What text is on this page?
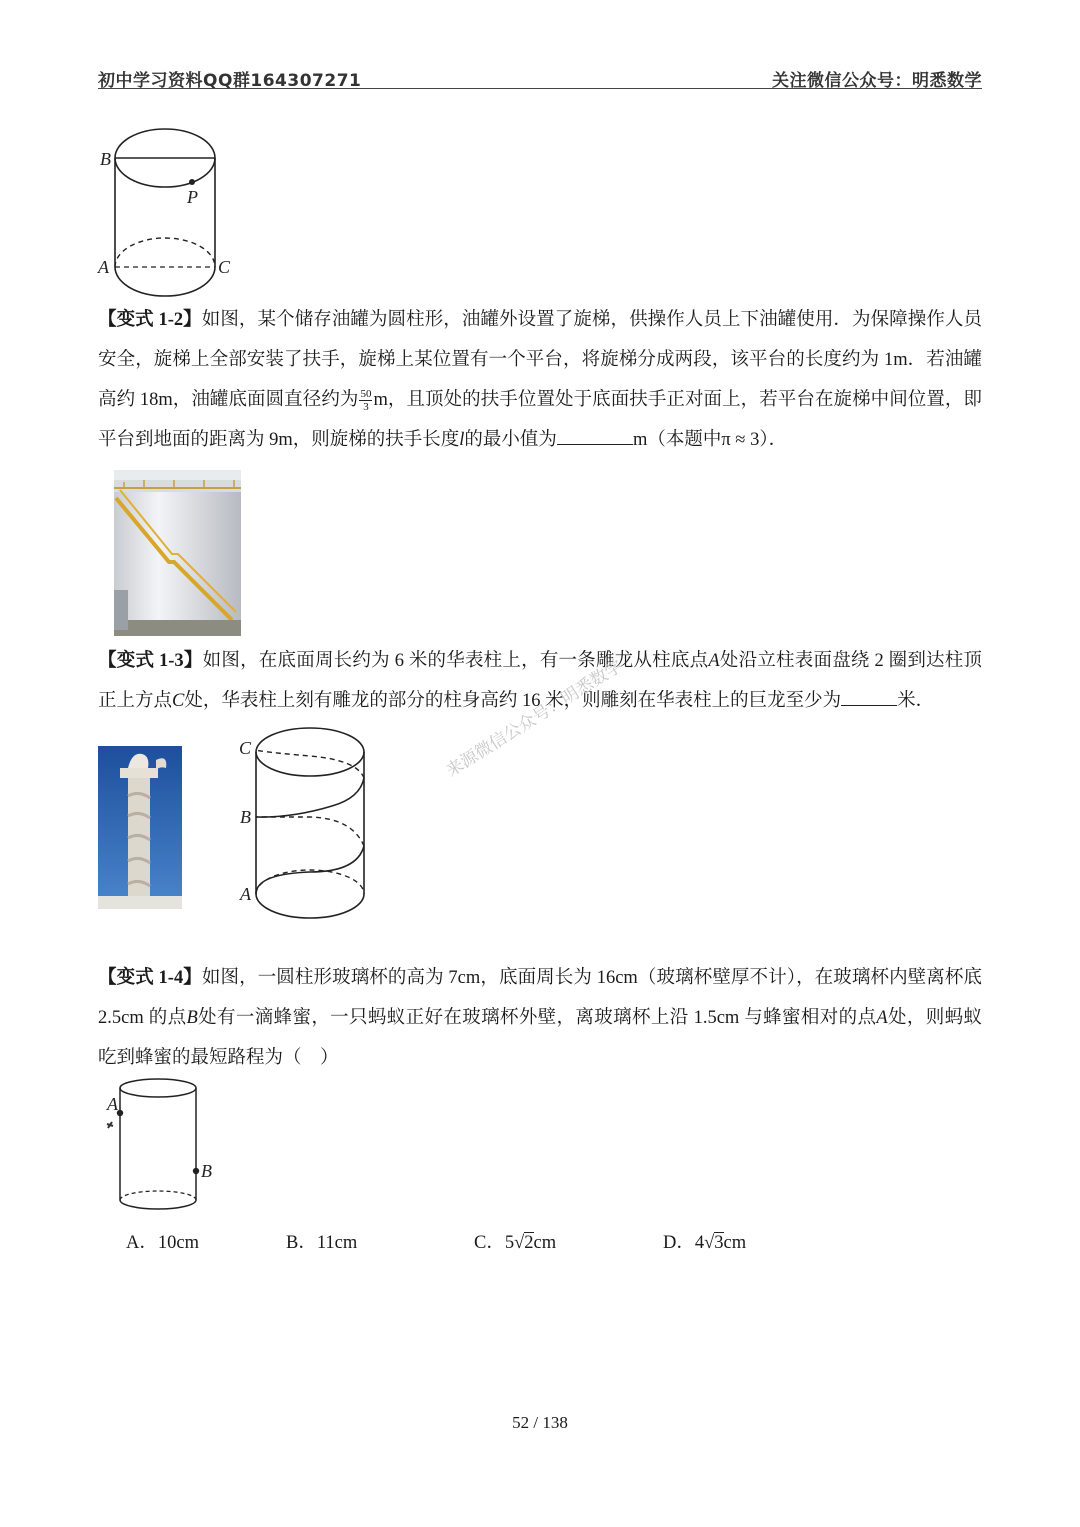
初中学习资料QQ群164307271	关注微信公众号：明悉数学
B
P
A	C
【变式 1-2】如图，某个储存油罐为圆柱形，油罐外设置了旋梯，供操作人员上下油罐使用．为保障操作人员安全，旋梯上全部安装了扶手，旋梯上某位置有一个平台，将旋梯分成两段，该平台的长度约为 1m．若油罐高约 18m，油罐底面圆直径约为 $\frac{50}{3}$ m，且顶处的扶手位置处于底面扶手正对面上，若平台在旋梯中间位置，即平台到地面的距离为 9m，则旋梯的扶手长度l的最小值为	m（本题中π ≈ 3）．
【变式 1-3】如图，在底面周长约为 6 米的华表柱上，有一条雕龙从柱底点A处沿立柱表面盘绕 2 圈到达柱顶正上方点C处，华表柱上刻有雕龙的部分的柱身高约 16 米，则雕刻在华表柱上的巨龙至少为	米．
C
B
A
来源微信公众号：明悉数学
【变式 1-4】如图，一圆柱形玻璃杯的高为 7cm，底面周长为 16cm（玻璃杯壁厚不计），在玻璃杯内壁离杯底 2.5cm 的点B处有一滴蜂蜜，一只蚂蚁正好在玻璃杯外壁，离玻璃杯上沿 1.5cm 与蜂蜜相对的点A处，则蚂蚁吃到蜂蜜的最短路程为（　）
A
B
A．10cm	B．11cm	C．5√2cm	D．4√3cm
52 / 138
